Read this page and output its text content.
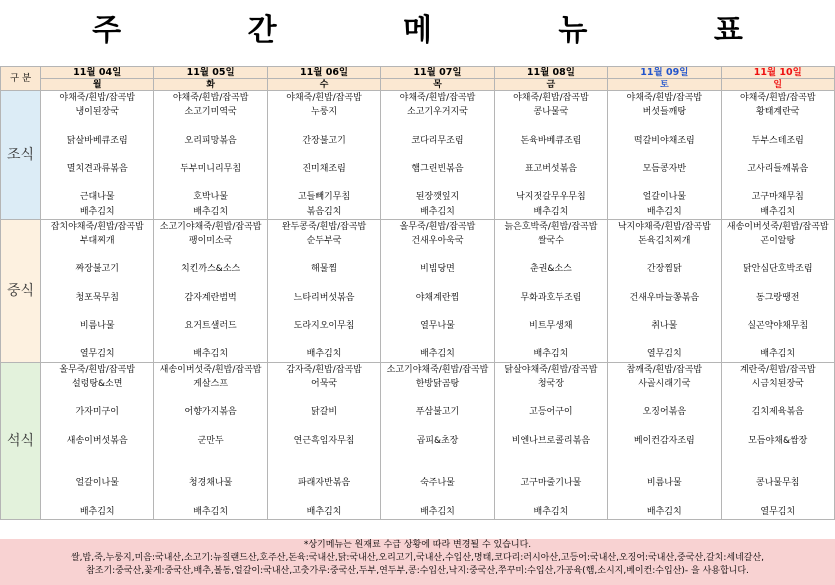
주 간 메 뉴 표
구 분	11월 04일	11월 05일	11월 06일	11월 07일	11월 08일	11월 09일	11월 10일
	월	화	수	목	금	토	일
조식	야채죽/흰밥/잡곡밥	야채죽/흰밥/잡곡밥	야채죽/흰밥/잡곡밥	야채죽/흰밥/잡곡밥	야채죽/흰밥/잡곡밥	야채죽/흰밥/잡곡밥	야채죽/흰밥/잡곡밥
	냉이된장국	소고기미역국	누룽지	소고기우거지국	콩나물국	버섯들깨탕	황태계란국

	닭살바베큐조림	오리피망볶음	간장불고기	코다리무조림	돈육바베큐조림	떡갈비야채조림	두부스테조림

	멸치견과류볶음	두부미니리무침	진미채조림	햄그린빈볶음	표고버섯볶음	모듬콩자반	고사리들깨볶음

	근대나물	호박나물	고들빼기무침	된장깻잎지	낙지젓갈무우무침	얼갈이나물	고구마채무침
	배추김치	배추김치	볶음김치	배추김치	배추김치	배추김치	배추김치
중식	잡치야채죽/흰밥/잡곡밥	소고기야채죽/흰밥/잡곡밥	완두콩죽/흰밥/잡곡밥	올무죽/흰밥/잡곡밥	늙은호박죽/흰밥/잡곡밥	낙지야채죽/흰밥/잡곡밥	새송이버섯죽/흰밥/잡곡밥
	부대찌개	팽이미소국	순두부국	건새우아욱국	쌀국수	돈육김치찌개	곤이알탕

	짜장불고기	치킨까스&소스	해물찜	비빔당면	춘권&소스	간장찜닭	닭안심단호박조림

	청포묵무침	감자계란범벅	느타리버섯볶음	야채계란찜	무화과호두조림	건새우마늘쫑볶음	동그랑땡전

	비름나물	요거트샐러드	도라지오이무침	열무나물	비트무생채	취나물	실곤약야채무침

	열무김치	배추김치	배추김치	배추김치	배추김치	열무김치	배추김치
석식	올무죽/흰밥/잡곡밥	새송이버섯죽/흰밥/잡곡밥	감자죽/흰밥/잡곡밥	소고기야채죽/흰밥/잡곡밥	닭살야채죽/흰밥/잡곡밥	참깨죽/흰밥/잡곡밥	계란죽/흰밥/잡곡밥
	설렁탕&소면	게살스프	어묵국	한방닭곰탕	청국장	사골시래기국	시금치된장국

	가자미구이	어향가지볶음	닭갈비	푸삼불고기	고등어구이	오징어볶음	김치제육볶음

	새송이버섯볶음	군만두	연근흑임자무침	곱피&초장	비엔나브로콜리볶음	베이컨감자조림	모듬야채&쌈장

	얼갈이나물	청경채나물	파래자반볶음	숙주나물	고구마줄기나물	비름나물	콩나물무침

	배추김치	배추김치	배추김치	배추김치	배추김치	배추김치	열무김치
*상기메뉴는 원재료 수급 상황에 따라 변경될 수 있습니다.
쌀,밥,죽,누룽지,미음:국내산,소고기:뉴질랜드산,호주산,돈육:국내산,닭:국내산,오리고기,국내산,수입산,명태,코다리:러시아산,고등어:국내산,오징어:국내산,중국산,갈치:세네갈산,
참조기:중국산,꽃게:중국산,배추,볼동,얼갈이:국내산,고춧가루:중국산,두부,연두부,콩:수입산,낙지:중국산,쭈꾸미:수입산,가공육(햄,소시지,베이컨:수입산)- 을 사용합니다.
